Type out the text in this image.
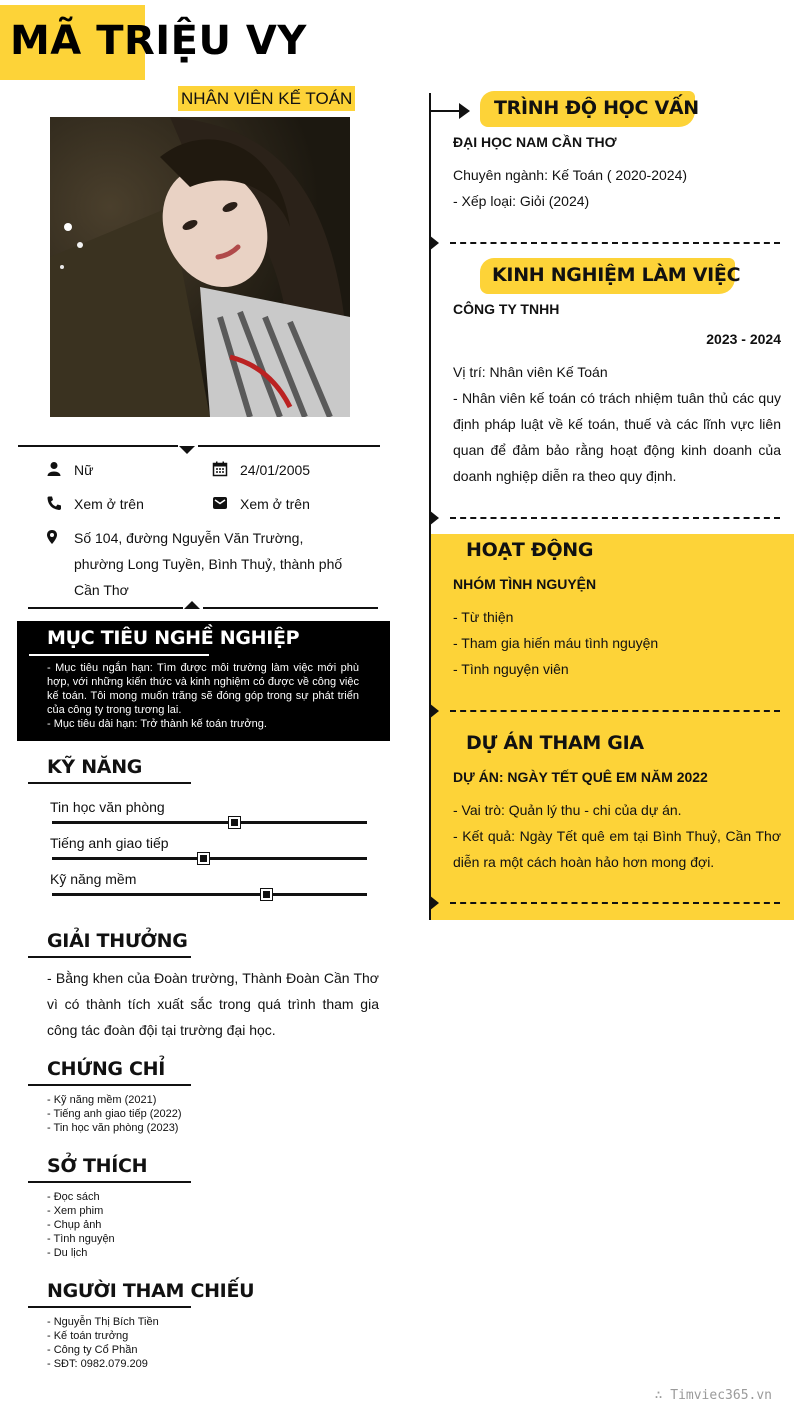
MÃ TRIỆU VY
NHÂN VIÊN KẾ TOÁN
Nữ	24/01/2005
Xem ở trên	Xem ở trên
Số 104, đường Nguyễn Văn Trường, phường Long Tuyền, Bình Thuỷ, thành phố Cần Thơ
MỤC TIÊU NGHỀ NGHIỆP
- Mục tiêu ngắn hạn: Tìm được môi trường làm việc mới phù hợp, với những kiến thức và kinh nghiệm có được về công việc kế toán. Tôi mong muốn trăng sẽ đóng góp trong sự phát triển của công ty trong tương lai.
- Mục tiêu dài hạn: Trở thành kế toán trưởng.
KỸ NĂNG
Tin học văn phòng
Tiếng anh giao tiếp
Kỹ năng mềm
GIẢI THƯỞNG
- Bằng khen của Đoàn trường, Thành Đoàn Cần Thơ vì có thành tích xuất sắc trong quá trình tham gia công tác đoàn đội tại trường đại học.
CHỨNG CHỈ
- Kỹ năng mềm (2021)
- Tiếng anh giao tiếp (2022)
- Tin học văn phòng (2023)
SỞ THÍCH
- Đọc sách
- Xem phim
- Chụp ảnh
- Tình nguyện
- Du lịch
NGƯỜI THAM CHIẾU
- Nguyễn Thị Bích Tiền
- Kế toán trưởng
- Công ty Cổ Phần
- SĐT: 0982.079.209
TRÌNH ĐỘ HỌC VẤN
ĐẠI HỌC NAM CẦN THƠ
Chuyên ngành: Kế Toán ( 2020-2024)
- Xếp loại: Giỏi (2024)
KINH NGHIỆM LÀM VIỆC
CÔNG TY TNHH
2023 - 2024
Vị trí: Nhân viên Kế Toán
- Nhân viên kế toán có trách nhiệm tuân thủ các quy định pháp luật về kế toán, thuế và các lĩnh vực liên quan để đảm bảo rằng hoạt động kinh doanh của doanh nghiệp diễn ra theo quy định.
HOẠT ĐỘNG
NHÓM TÌNH NGUYỆN
- Từ thiện
- Tham gia hiến máu tình nguyện
- Tình nguyện viên
DỰ ÁN THAM GIA
DỰ ÁN: NGÀY TẾT QUÊ EM NĂM 2022
- Vai trò: Quản lý thu - chi của dự án.
- Kết quả: Ngày Tết quê em tại Bình Thuỷ, Cần Thơ diễn ra một cách hoàn hảo hơn mong đợi.
∴ Timviec365.vn
